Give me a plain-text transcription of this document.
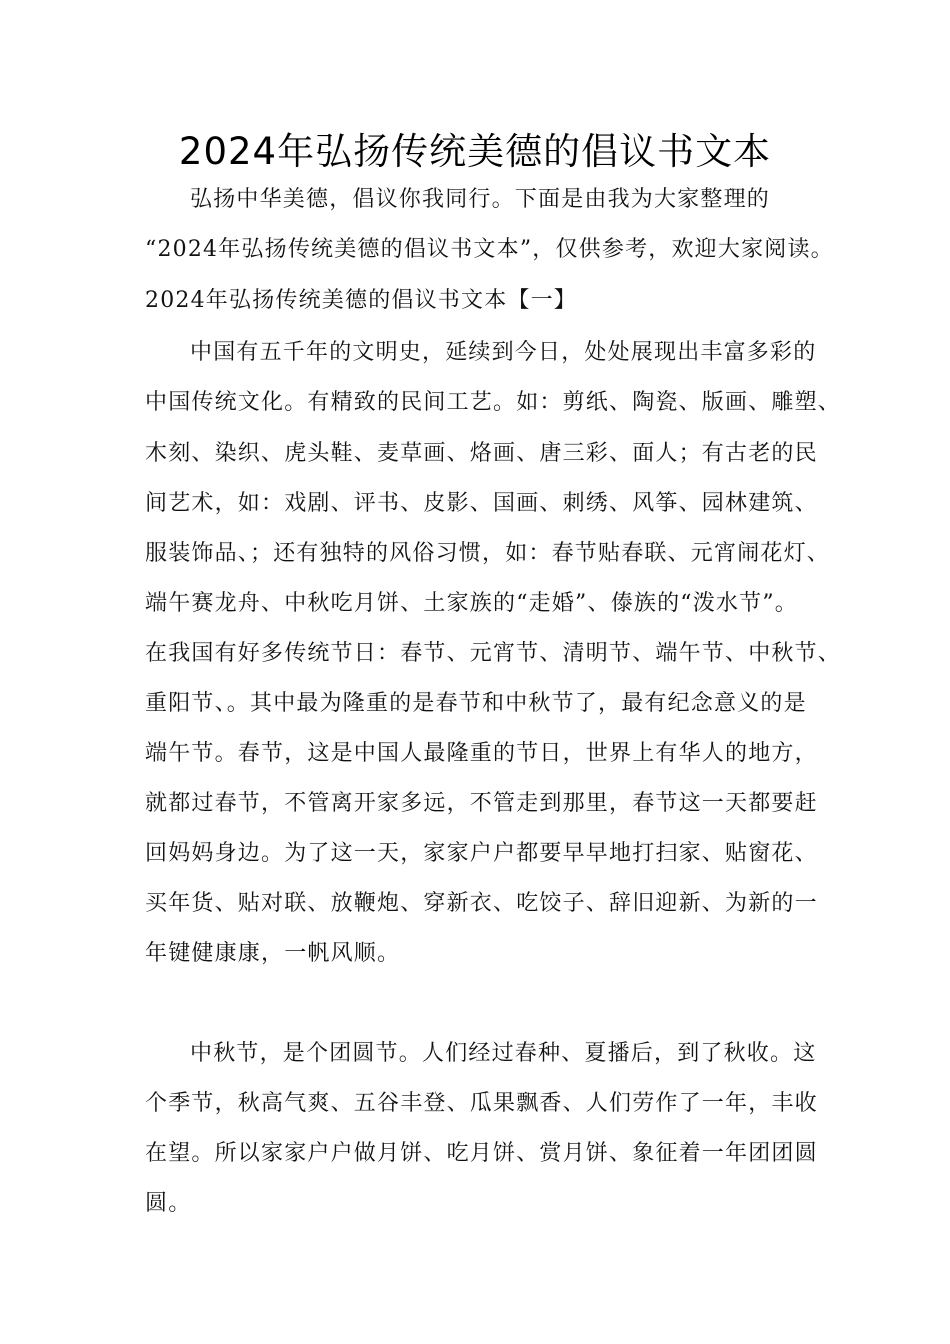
2024年弘扬传统美德的倡议书文本
弘扬中华美德，倡议你我同行。下面是由我为大家整理的
“2024年弘扬传统美德的倡议书文本”，仅供参考，欢迎大家阅读。
2024年弘扬传统美德的倡议书文本【一】
中国有五千年的文明史，延续到今日，处处展现出丰富多彩的
中国传统文化。有精致的民间工艺。如：剪纸、陶瓷、版画、雕塑、
木刻、染织、虎头鞋、麦草画、烙画、唐三彩、面人；有古老的民
间艺术，如：戏剧、评书、皮影、国画、刺绣、风筝、园林建筑、
服装饰品、；还有独特的风俗习惯，如：春节贴春联、元宵闹花灯、
端午赛龙舟、中秋吃月饼、土家族的“走婚”、傣族的“泼水节”。
在我国有好多传统节日：春节、元宵节、清明节、端午节、中秋节、
重阳节、。其中最为隆重的是春节和中秋节了，最有纪念意义的是
端午节。春节，这是中国人最隆重的节日，世界上有华人的地方，
就都过春节，不管离开家多远，不管走到那里，春节这一天都要赶
回妈妈身边。为了这一天，家家户户都要早早地打扫家、贴窗花、
买年货、贴对联、放鞭炮、穿新衣、吃饺子、辞旧迎新、为新的一
年键健康康，一帆风顺。
中秋节，是个团圆节。人们经过春种、夏播后，到了秋收。这
个季节，秋高气爽、五谷丰登、瓜果飘香、人们劳作了一年，丰收
在望。所以家家户户做月饼、吃月饼、赏月饼、象征着一年团团圆
圆。
